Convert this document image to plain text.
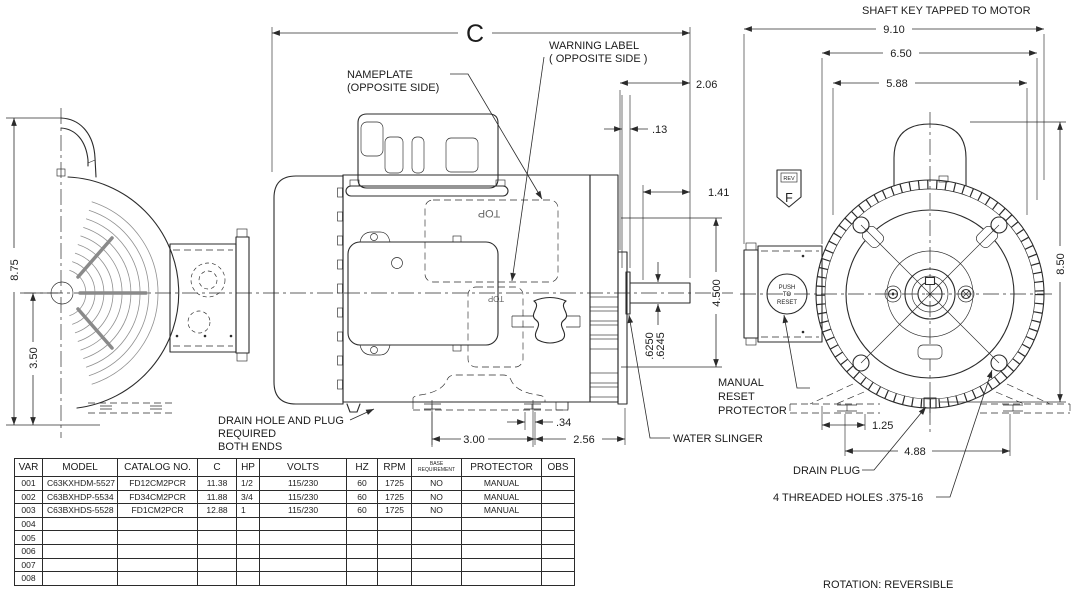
8.75
3.50
TOP
TOP
C
2.06
.13
1.41
4.500
.6250 .6245
3.00
.34
2.56
NAMEPLATE
(OPPOSITE SIDE)
WARNING LABEL
( OPPOSITE SIDE )
DRAIN HOLE AND PLUG
REQUIRED
BOTH ENDS
WATER SLINGER
PUSH
TO
RESET
REV
F
9.10
6.50
5.88
8.50
1.25
4.88
SHAFT KEY TAPPED TO MOTOR
MANUAL
RESET
PROTECTOR
DRAIN PLUG
4 THREADED HOLES .375-16
ROTATION: REVERSIBLE
VAR	MODEL	CATALOG NO.	C	HP	VOLTS	HZ	RPM	BASE REQUIREMENT	PROTECTOR	OBS
001	C63KXHDM-5527	FD12CM2PCR	11.38	1/2	115/230	60	1725	NO	MANUAL	
002	C63BXHDP-5534	FD34CM2PCR	11.88	3/4	115/230	60	1725	NO	MANUAL	
003	C63BXHDS-5528	FD1CM2PCR	12.88	1	115/230	60	1725	NO	MANUAL	
004										
005										
006										
007										
008										
